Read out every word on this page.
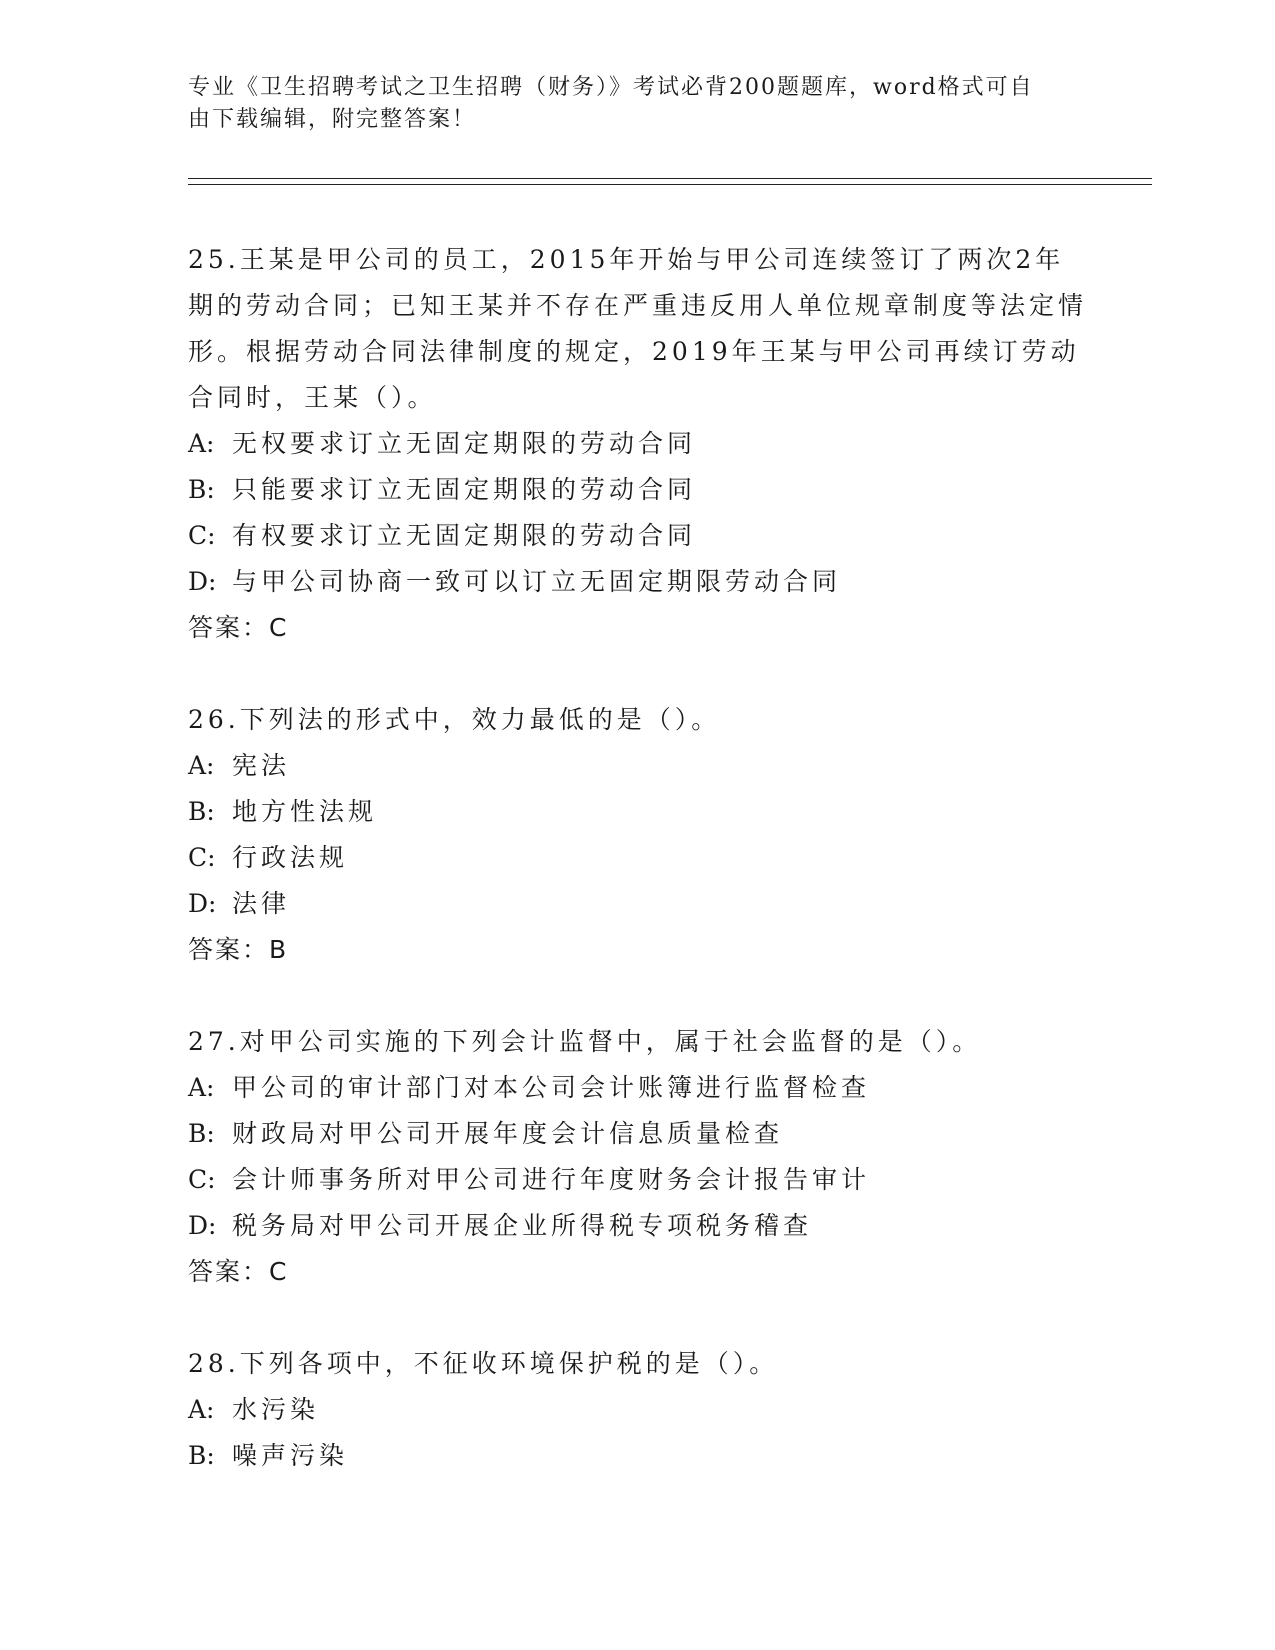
专业《卫生招聘考试之卫生招聘（财务）》考试必背200题题库，word格式可自
由下载编辑，附完整答案！
25.王某是甲公司的员工，2015年开始与甲公司连续签订了两次2年期的劳动合同；已知王某并不存在严重违反用人单位规章制度等法定情形。根据劳动合同法律制度的规定，2019年王某与甲公司再续订劳动合同时，王某（）。
A: 无权要求订立无固定期限的劳动合同
B: 只能要求订立无固定期限的劳动合同
C: 有权要求订立无固定期限的劳动合同
D: 与甲公司协商一致可以订立无固定期限劳动合同
答案：C
26.下列法的形式中，效力最低的是（）。
A: 宪法
B: 地方性法规
C: 行政法规
D: 法律
答案：B
27.对甲公司实施的下列会计监督中，属于社会监督的是（）。
A: 甲公司的审计部门对本公司会计账簿进行监督检查
B: 财政局对甲公司开展年度会计信息质量检查
C: 会计师事务所对甲公司进行年度财务会计报告审计
D: 税务局对甲公司开展企业所得税专项税务稽查
答案：C
28.下列各项中，不征收环境保护税的是（）。
A: 水污染
B: 噪声污染
